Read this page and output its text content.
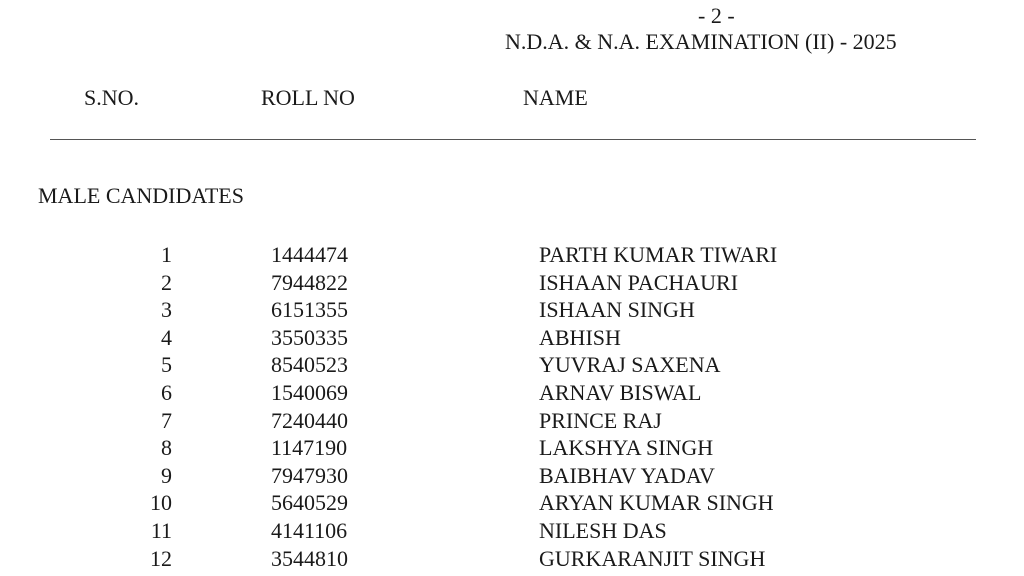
- 2 -
N.D.A. & N.A. EXAMINATION (II) - 2025
S.NO.	ROLL NO	NAME
MALE CANDIDATES
1	1444474	PARTH KUMAR TIWARI
2	7944822	ISHAAN PACHAURI
3	6151355	ISHAAN SINGH
4	3550335	ABHISH
5	8540523	YUVRAJ SAXENA
6	1540069	ARNAV BISWAL
7	7240440	PRINCE RAJ
8	1147190	LAKSHYA SINGH
9	7947930	BAIBHAV YADAV
10	5640529	ARYAN KUMAR SINGH
11	4141106	NILESH DAS
12	3544810	GURKARANJIT SINGH
